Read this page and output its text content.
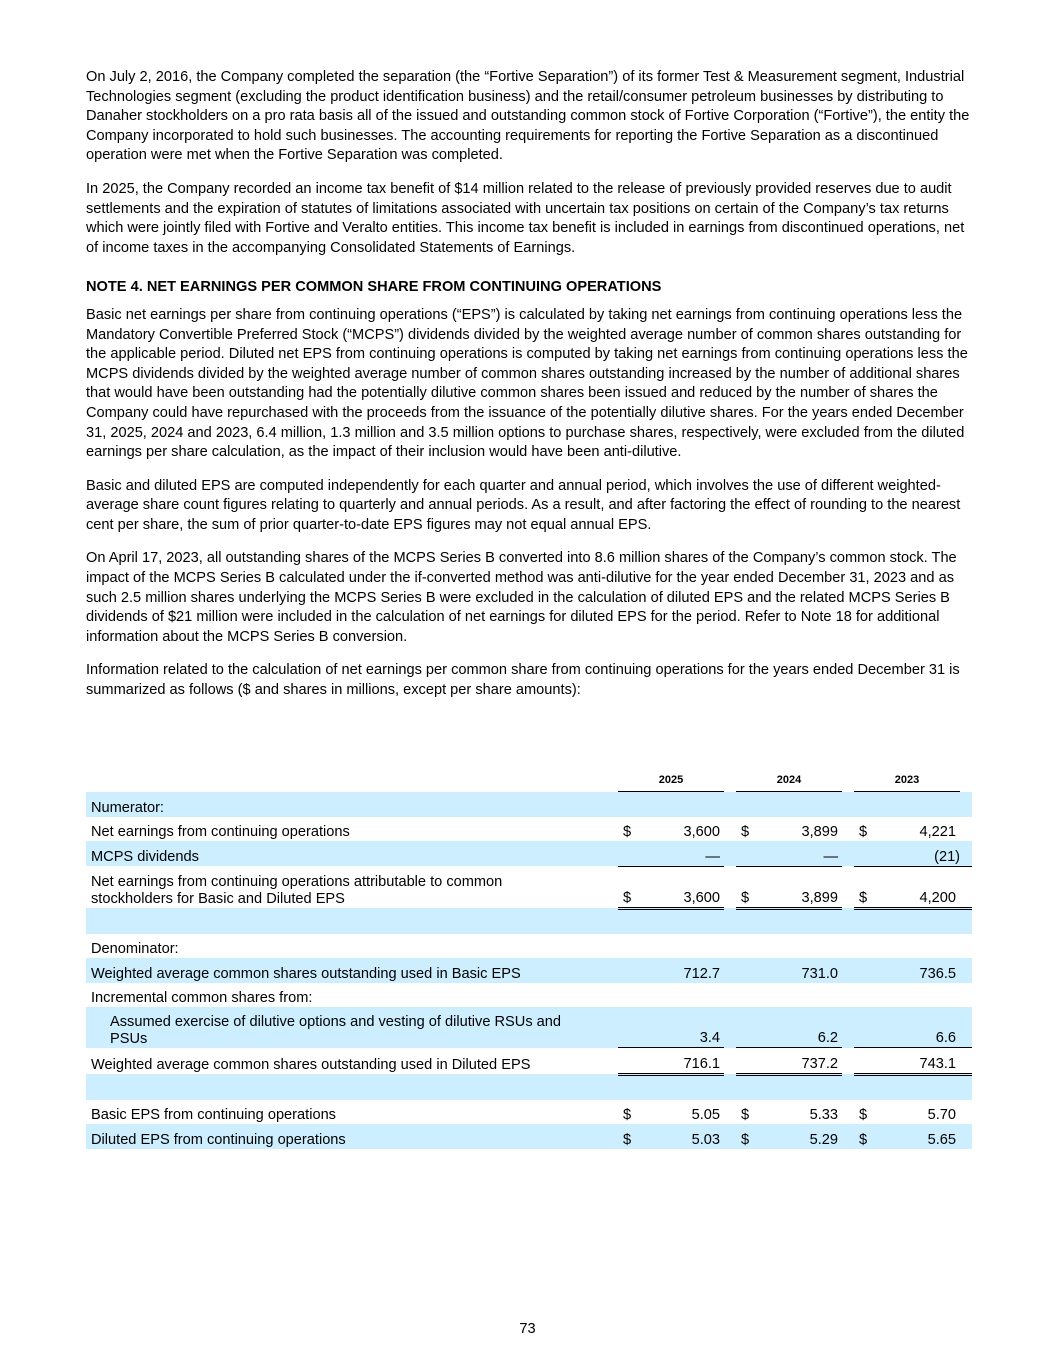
On July 2, 2016, the Company completed the separation (the “Fortive Separation”) of its former Test & Measurement segment, Industrial Technologies segment (excluding the product identification business) and the retail/consumer petroleum businesses by distributing to Danaher stockholders on a pro rata basis all of the issued and outstanding common stock of Fortive Corporation (“Fortive”), the entity the Company incorporated to hold such businesses. The accounting requirements for reporting the Fortive Separation as a discontinued operation were met when the Fortive Separation was completed.

In 2025, the Company recorded an income tax benefit of $14 million related to the release of previously provided reserves due to audit settlements and the expiration of statutes of limitations associated with uncertain tax positions on certain of the Company’s tax returns which were jointly filed with Fortive and Veralto entities. This income tax benefit is included in earnings from discontinued operations, net of income taxes in the accompanying Consolidated Statements of Earnings.

NOTE 4. NET EARNINGS PER COMMON SHARE FROM CONTINUING OPERATIONS

Basic net earnings per share from continuing operations (“EPS”) is calculated by taking net earnings from continuing operations less the Mandatory Convertible Preferred Stock (“MCPS”) dividends divided by the weighted average number of common shares outstanding for the applicable period. Diluted net EPS from continuing operations is computed by taking net earnings from continuing operations less the MCPS dividends divided by the weighted average number of common shares outstanding increased by the number of additional shares that would have been outstanding had the potentially dilutive common shares been issued and reduced by the number of shares the Company could have repurchased with the proceeds from the issuance of the potentially dilutive shares. For the years ended December 31, 2025, 2024 and 2023, 6.4 million, 1.3 million and 3.5 million options to purchase shares, respectively, were excluded from the diluted earnings per share calculation, as the impact of their inclusion would have been anti-dilutive.

Basic and diluted EPS are computed independently for each quarter and annual period, which involves the use of different weighted-average share count figures relating to quarterly and annual periods. As a result, and after factoring the effect of rounding to the nearest cent per share, the sum of prior quarter-to-date EPS figures may not equal annual EPS.

On April 17, 2023, all outstanding shares of the MCPS Series B converted into 8.6 million shares of the Company’s common stock. The impact of the MCPS Series B calculated under the if-converted method was anti-dilutive for the year ended December 31, 2023 and as such 2.5 million shares underlying the MCPS Series B were excluded in the calculation of diluted EPS and the related MCPS Series B dividends of $21 million were included in the calculation of net earnings for diluted EPS for the period. Refer to Note 18 for additional information about the MCPS Series B conversion.

Information related to the calculation of net earnings per common share from continuing operations for the years ended December 31 is summarized as follows ($ and shares in millions, except per share amounts):

	2025			2024			2023		
Numerator:									
Net earnings from continuing operations	$	3,600		$	3,899		$	4,221	
MCPS dividends		—			—			(21)	
Net earnings from continuing operations attributable to common stockholders for Basic and Diluted EPS	$	3,600		$	3,899		$	4,200	

Denominator:									
Weighted average common shares outstanding used in Basic EPS		712.7			731.0			736.5	
Incremental common shares from:									
Assumed exercise of dilutive options and vesting of dilutive RSUs and PSUs		3.4			6.2			6.6	
Weighted average common shares outstanding used in Diluted EPS		716.1			737.2			743.1	

Basic EPS from continuing operations	$	5.05		$	5.33		$	5.70	
Diluted EPS from continuing operations	$	5.03		$	5.29		$	5.65	
73
